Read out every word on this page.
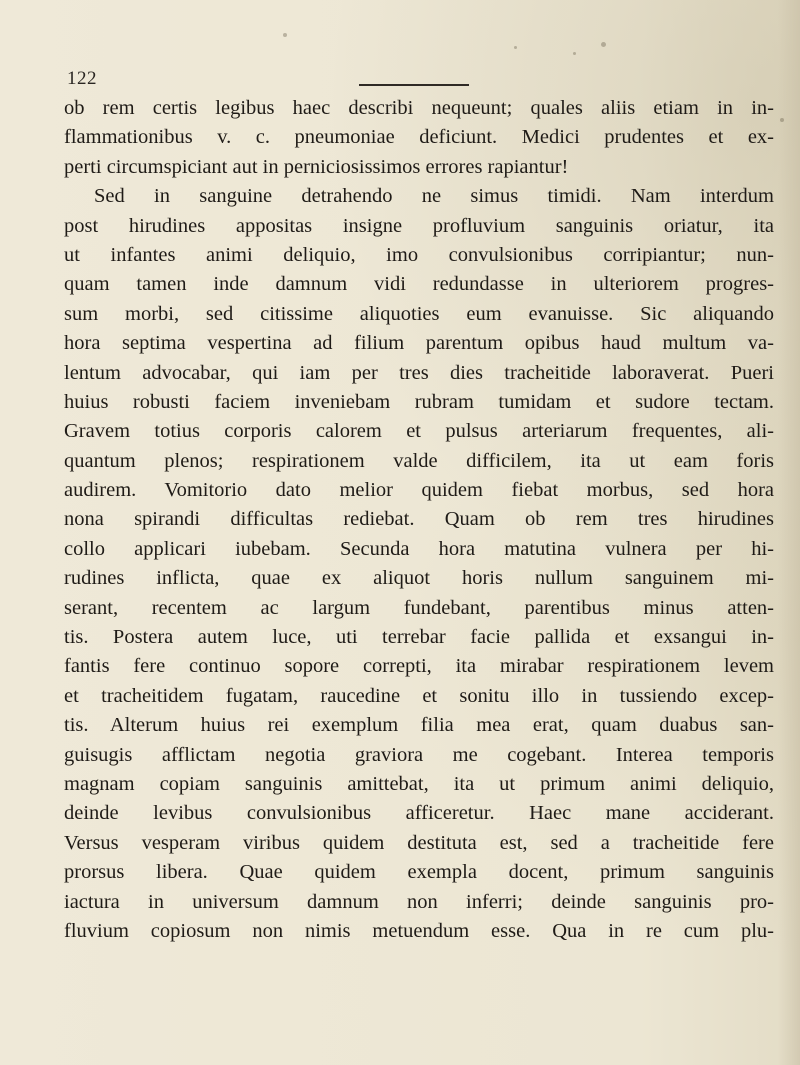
122
ob rem certis legibus haec describi nequeunt; quales aliis etiam in in-
flammationibus v. c. pneumoniae deficiunt. Medici prudentes et ex-
perti circumspiciant aut in perniciosissimos errores rapiantur!
Sed in sanguine detrahendo ne simus timidi. Nam interdum
post hirudines appositas insigne profluvium sanguinis oriatur, ita
ut infantes animi deliquio, imo convulsionibus corripiantur; nun-
quam tamen inde damnum vidi redundasse in ulteriorem progres-
sum morbi, sed citissime aliquoties eum evanuisse. Sic aliquando
hora septima vespertina ad filium parentum opibus haud multum va-
lentum advocabar, qui iam per tres dies tracheitide laboraverat. Pueri
huius robusti faciem inveniebam rubram tumidam et sudore tectam.
Gravem totius corporis calorem et pulsus arteriarum frequentes, ali-
quantum plenos; respirationem valde difficilem, ita ut eam foris
audirem. Vomitorio dato melior quidem fiebat morbus, sed hora
nona spirandi difficultas rediebat. Quam ob rem tres hirudines
collo applicari iubebam. Secunda hora matutina vulnera per hi-
rudines inflicta, quae ex aliquot horis nullum sanguinem mi-
serant, recentem ac largum fundebant, parentibus minus atten-
tis. Postera autem luce, uti terrebar facie pallida et exsangui in-
fantis fere continuo sopore correpti, ita mirabar respirationem levem
et tracheitidem fugatam, raucedine et sonitu illo in tussiendo excep-
tis. Alterum huius rei exemplum filia mea erat, quam duabus san-
guisugis afflictam negotia graviora me cogebant. Interea temporis
magnam copiam sanguinis amittebat, ita ut primum animi deliquio,
deinde levibus convulsionibus afficeretur. Haec mane acciderant.
Versus vesperam viribus quidem destituta est, sed a tracheitide fere
prorsus libera. Quae quidem exempla docent, primum sanguinis
iactura in universum damnum non inferri; deinde sanguinis pro-
fluvium copiosum non nimis metuendum esse. Qua in re cum plu-
